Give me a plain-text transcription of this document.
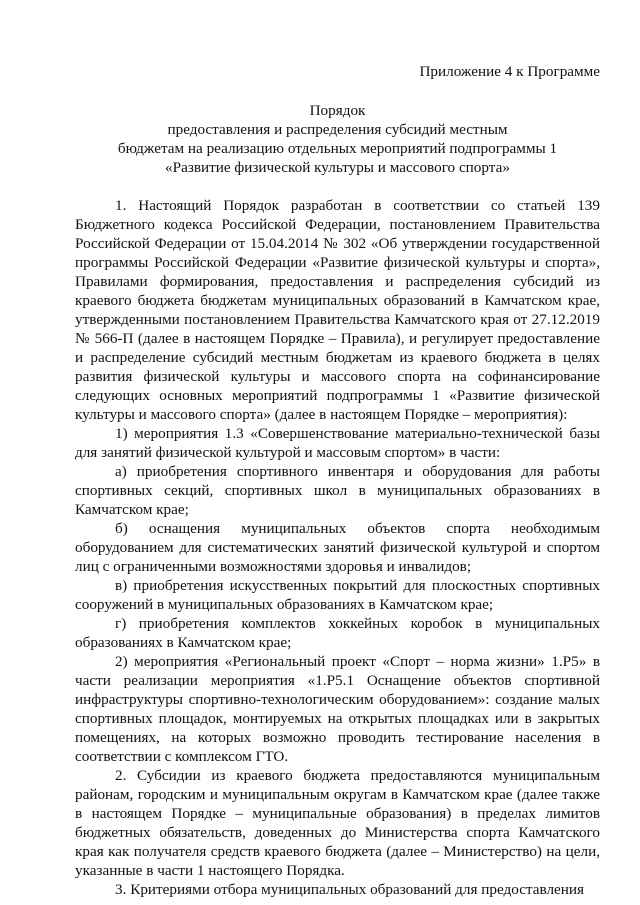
Приложение 4 к Программе
Порядок
предоставления и распределения субсидий местным
бюджетам на реализацию отдельных мероприятий подпрограммы 1
«Развитие физической культуры и массового спорта»

1. Настоящий Порядок разработан в соответствии со статьей 139 Бюджетного кодекса Российской Федерации, постановлением Правительства Российской Федерации от 15.04.2014 № 302 «Об утверждении государственной программы Российской Федерации «Развитие физической культуры и спорта», Правилами формирования, предоставления и распределения субсидий из краевого бюджета бюджетам муниципальных образований в Камчатском крае, утвержденными постановлением Правительства Камчатского края от 27.12.2019 № 566-П (далее в настоящем Порядке – Правила), и регулирует предоставление и распределение субсидий местным бюджетам из краевого бюджета в целях развития физической культуры и массового спорта на софинансирование следующих основных мероприятий подпрограммы 1 «Развитие физической культуры и массового спорта» (далее в настоящем Порядке – мероприятия):

1) мероприятия 1.3 «Совершенствование материально-технической базы для занятий физической культурой и массовым спортом» в части:

а) приобретения спортивного инвентаря и оборудования для работы спортивных секций, спортивных школ в муниципальных образованиях в Камчатском крае;

б) оснащения муниципальных объектов спорта необходимым оборудованием для систематических занятий физической культурой и спортом лиц с ограниченными возможностями здоровья и инвалидов;

в) приобретения искусственных покрытий для плоскостных спортивных сооружений в муниципальных образованиях в Камчатском крае;

г) приобретения комплектов хоккейных коробок в муниципальных образованиях в Камчатском крае;

2) мероприятия «Региональный проект «Спорт – норма жизни» 1.Р5» в части реализации мероприятия «1.Р5.1 Оснащение объектов спортивной инфраструктуры спортивно-технологическим оборудованием»: создание малых спортивных площадок, монтируемых на открытых площадках или в закрытых помещениях, на которых возможно проводить тестирование населения в соответствии с комплексом ГТО.

2. Субсидии из краевого бюджета предоставляются муниципальным районам, городским и муниципальным округам в Камчатском крае (далее также в настоящем Порядке – муниципальные образования) в пределах лимитов бюджетных обязательств, доведенных до Министерства спорта Камчатского края как получателя средств краевого бюджета (далее – Министерство) на цели, указанные в части 1 настоящего Порядка.

3. Критериями отбора муниципальных образований для предоставления
